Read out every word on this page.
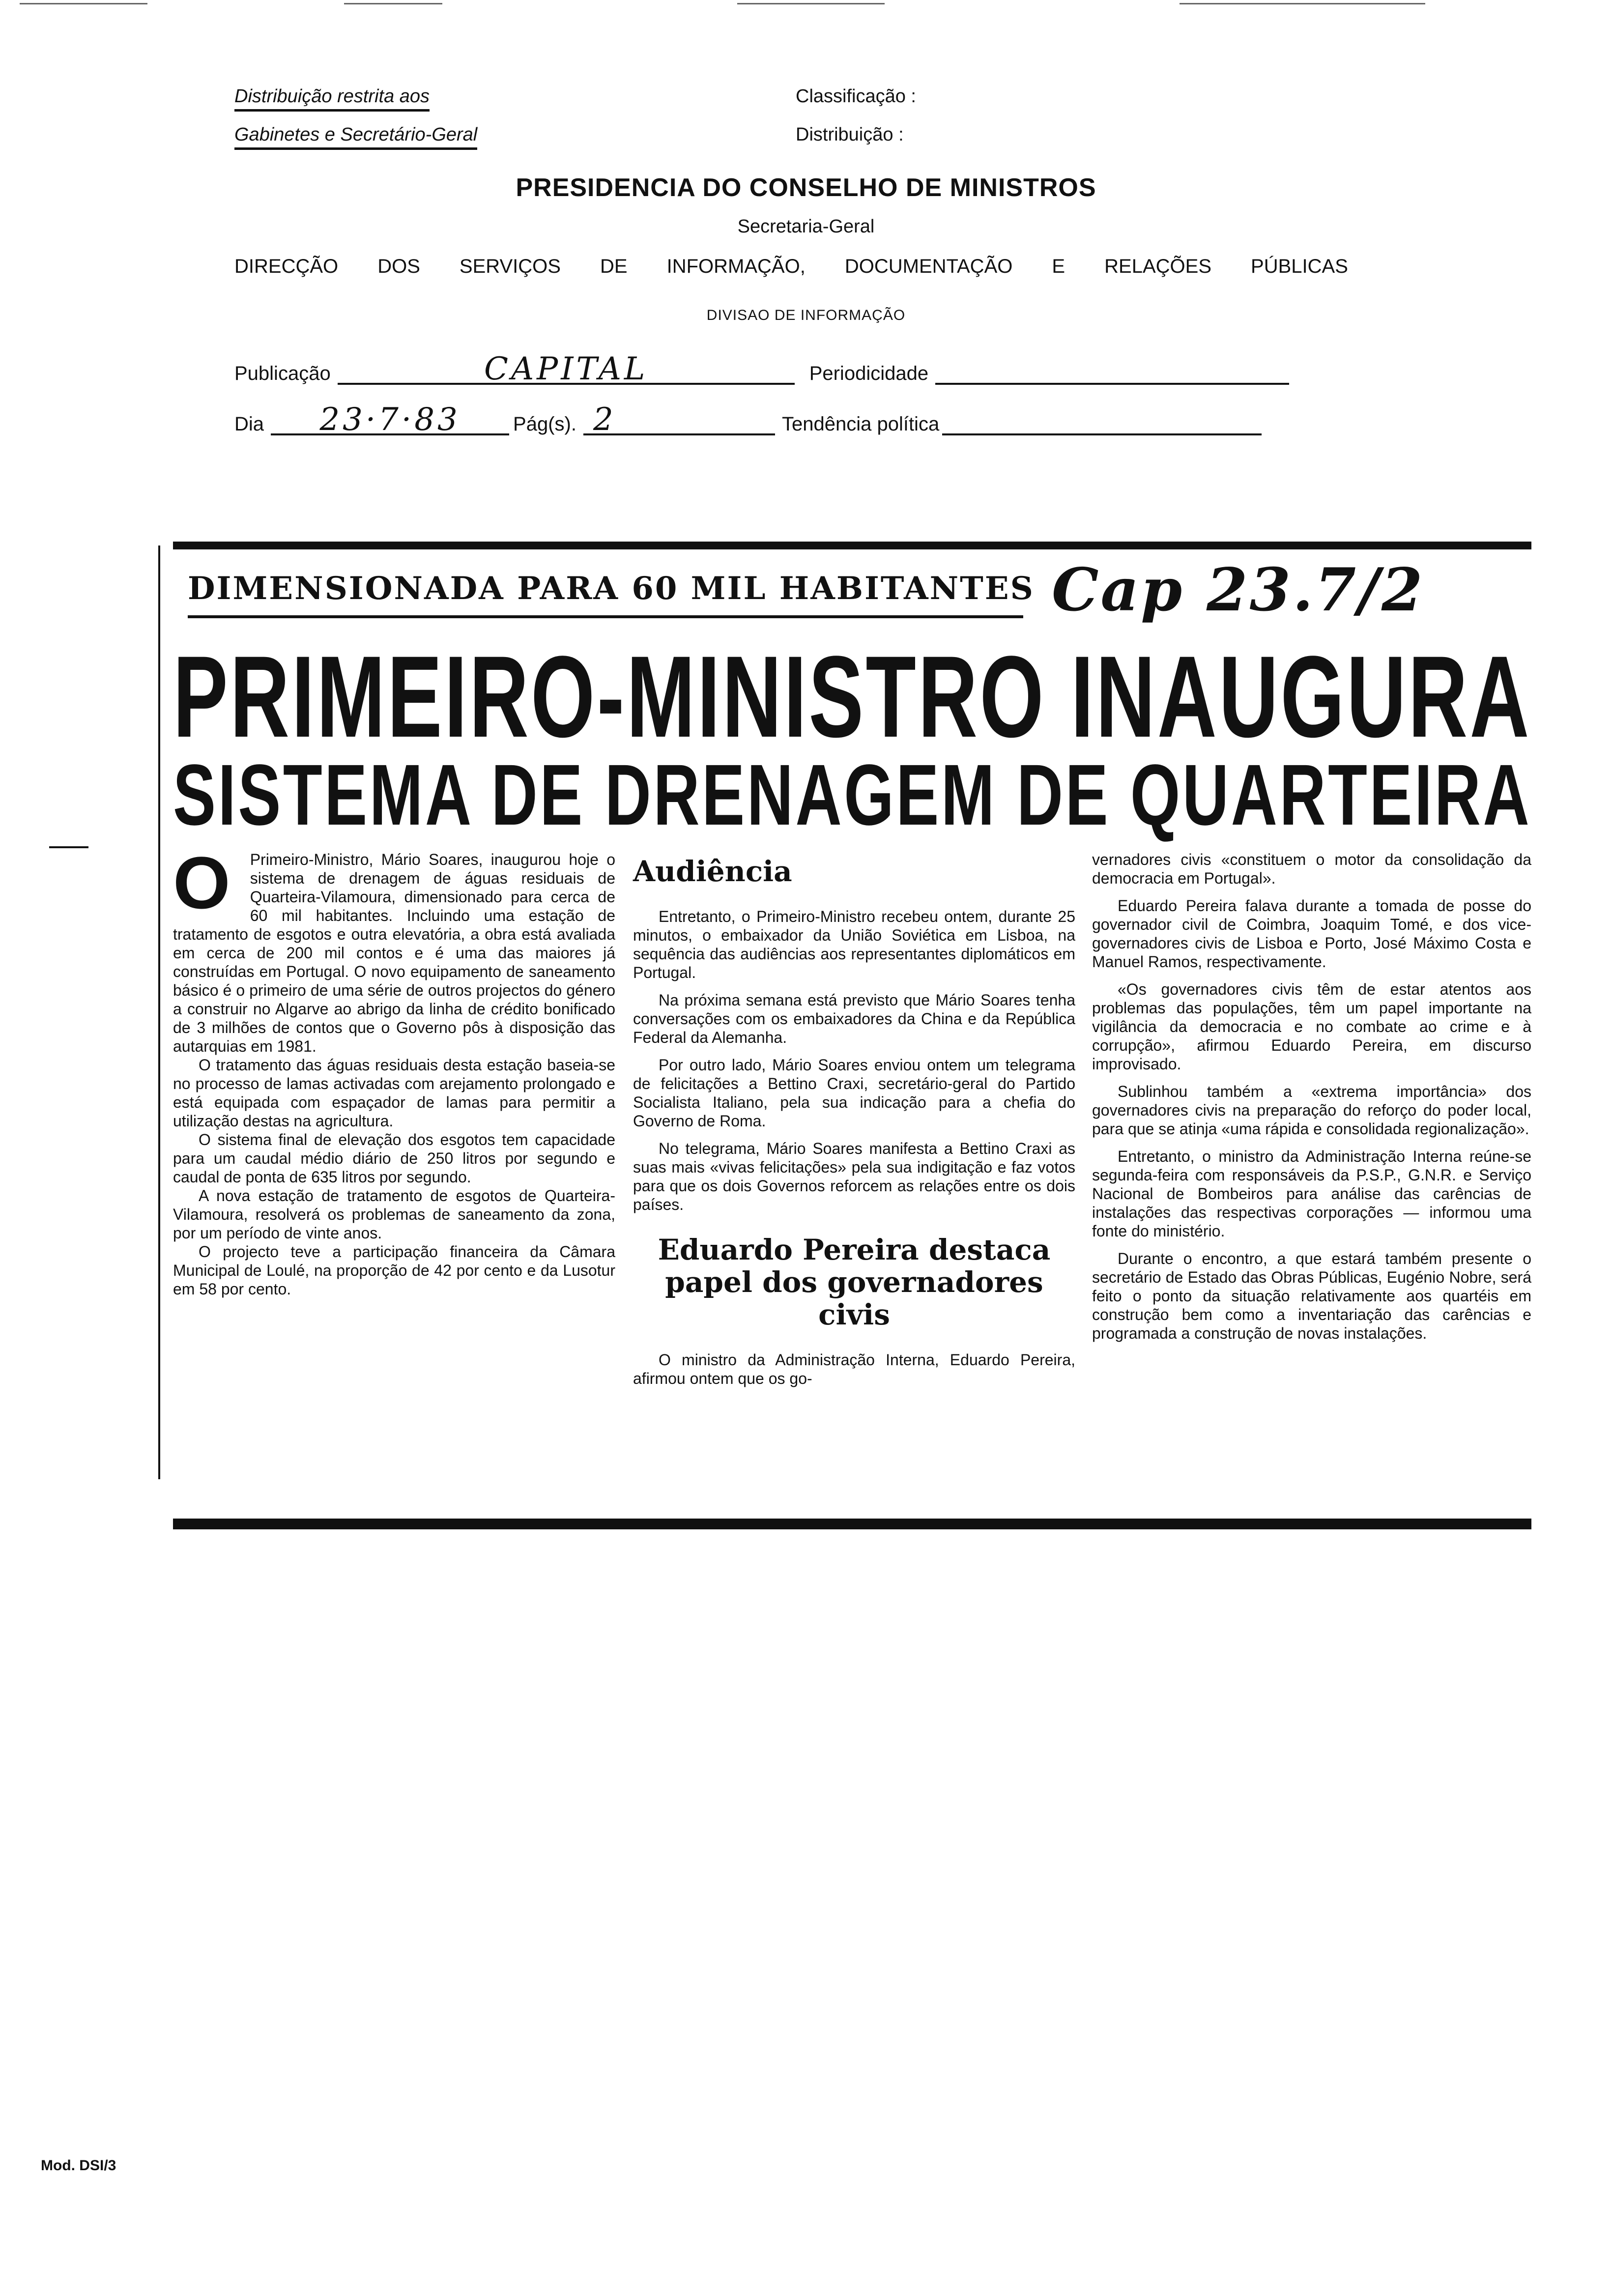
Distribuição restrita aos
Gabinetes e Secretário-Geral
Classificação :
Distribuição :
PRESIDENCIA DO CONSELHO DE MINISTROS
Secretaria-Geral
DIRECÇÃO DOS SERVIÇOS DE INFORMAÇÃO, DOCUMENTAÇÃO E RELAÇÕES PÚBLICAS
DIVISAO DE INFORMAÇÃO
Publicação	CAPITAL	Periodicidade
Dia	23·7·83	Pág(s). 2	Tendência política
DIMENSIONADA PARA 60 MIL HABITANTES Cap 23.7/2
PRIMEIRO-MINISTRO INAUGURA
SISTEMA DE DRENAGEM DE QUARTEIRA
O	Primeiro-Ministro, Mário Soares, inaugurou hoje o sistema de drenagem de águas residuais de Quarteira-Vilamoura, dimensionado para cerca de 60 mil habitantes. Incluindo uma estação de tratamento de esgotos e outra elevatória, a obra está avaliada em cerca de 200 mil contos e é uma das maiores já construídas em Portugal. O novo equipamento de saneamento básico é o primeiro de uma série de outros projectos do género a construir no Algarve ao abrigo da linha de crédito bonificado de 3 milhões de contos que o Governo pôs à disposição das autarquias em 1981.

O tratamento das águas residuais desta estação baseia-se no processo de lamas activadas com arejamento prolongado e está equipada com espaçador de lamas para permitir a utilização destas na agricultura.

O sistema final de elevação dos esgotos tem capacidade para um caudal médio diário de 250 litros por segundo e caudal de ponta de 635 litros por segundo.

A nova estação de tratamento de esgotos de Quarteira-Vilamoura, resolverá os problemas de saneamento da zona, por um período de vinte anos.

O projecto teve a participação financeira da Câmara Municipal de Loulé, na proporção de 42 por cento e da Lusotur em 58 por cento.

Audiência

Entretanto, o Primeiro-Ministro recebeu ontem, durante 25 minutos, o embaixador da União Soviética em Lisboa, na sequência das audiências aos representantes diplomáticos em Portugal.

Na próxima semana está previsto que Mário Soares tenha conversações com os embaixadores da China e da República Federal da Alemanha.

Por outro lado, Mário Soares enviou ontem um telegrama de felicitações a Bettino Craxi, secretário-geral do Partido Socialista Italiano, pela sua indicação para a chefia do Governo de Roma.

No telegrama, Mário Soares manifesta a Bettino Craxi as suas mais «vivas felicitações» pela sua indigitação e faz votos para que os dois Governos reforcem as relações entre os dois países.

Eduardo Pereira destaca papel dos governadores civis

O ministro da Administração Interna, Eduardo Pereira, afirmou ontem que os go-

vernadores civis «constituem o motor da consolidação da democracia em Portugal».

Eduardo Pereira falava durante a tomada de posse do governador civil de Coimbra, Joaquim Tomé, e dos vice-governadores civis de Lisboa e Porto, José Máximo Costa e Manuel Ramos, respectivamente.

«Os governadores civis têm de estar atentos aos problemas das populações, têm um papel importante na vigilância da democracia e no combate ao crime e à corrupção», afirmou Eduardo Pereira, em discurso improvisado.

Sublinhou também a «extrema importância» dos governadores civis na preparação do reforço do poder local, para que se atinja «uma rápida e consolidada regionalização».

Entretanto, o ministro da Administração Interna reúne-se segunda-feira com responsáveis da P.S.P., G.N.R. e Serviço Nacional de Bombeiros para análise das carências de instalações das respectivas corporações — informou uma fonte do ministério.

Durante o encontro, a que estará também presente o secretário de Estado das Obras Públicas, Eugénio Nobre, será feito o ponto da situação relativamente aos quartéis em construção bem como a inventariação das carências e programada a construção de novas instalações.

Mod. DSI/3
